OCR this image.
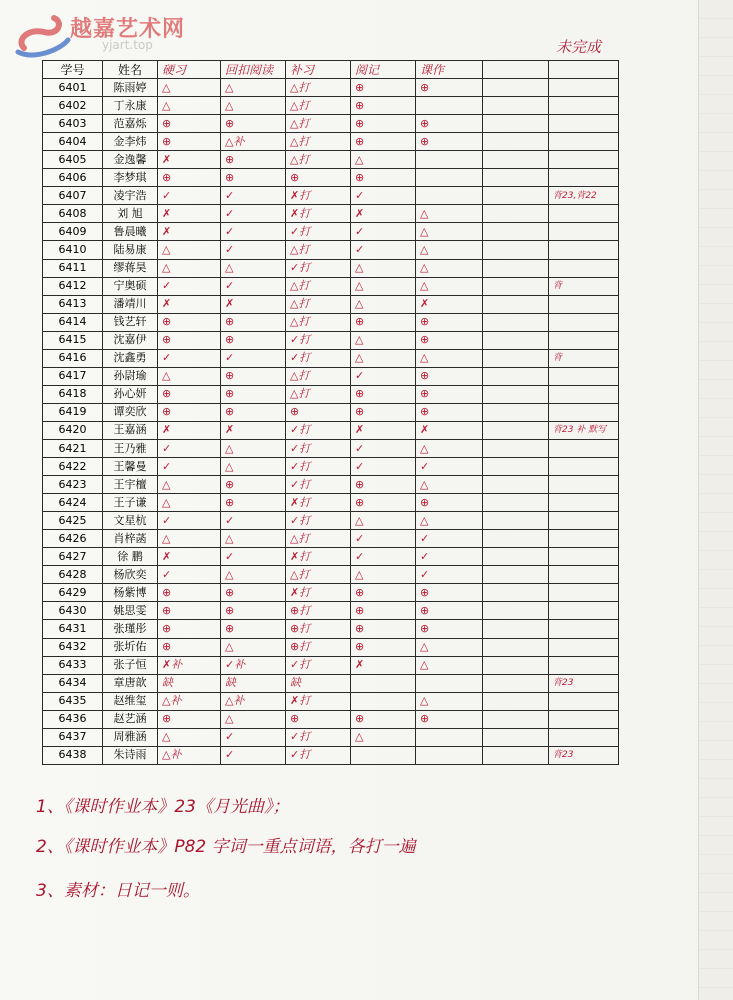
越嘉艺术网
yjart.top	未完成
学号	姓名	硬习	回扣阅读	补习	阅记	课作		
6401	陈雨婷	△	△	△打	⊕	⊕		
6402	丁永康	△	△	△打	⊕			
6403	范嘉烁	⊕	⊕	△打	⊕	⊕		
6404	金李炜	⊕	△补	△打	⊕	⊕		
6405	金逸馨	✗	⊕	△打	△			
6406	李梦琪	⊕	⊕	⊕	⊕			
6407	凌宇浩	✓	✓	✗打	✓			背23,背22
6408	刘 旭	✗	✓	✗打	✗	△		
6409	鲁晨曦	✗	✓	✓打	✓	△		
6410	陆易康	△	✓	△打	✓	△		
6411	缪蒋昊	△	△	✓打	△	△		
6412	宁奥硕	✓	✓	△打	△	△		背
6413	潘靖川	✗	✗	△打	△	✗		
6414	钱艺轩	⊕	⊕	△打	⊕	⊕		
6415	沈嘉伊	⊕	⊕	✓打	△	⊕		
6416	沈鑫勇	✓	✓	✓打	△	△		背
6417	孙尉瑜	△	⊕	△打	✓	⊕		
6418	孙心妍	⊕	⊕	△打	⊕	⊕		
6419	谭奕欣	⊕	⊕	⊕	⊕	⊕		
6420	王嘉涵	✗	✗	✓打	✗	✗		背23 补 默写
6421	王乃雅	✓	△	✓打	✓	△		
6422	王馨曼	✓	△	✓打	✓	✓		
6423	王宇檀	△	⊕	✓打	⊕	△		
6424	王子谦	△	⊕	✗打	⊕	⊕		
6425	文星杭	✓	✓	✓打	△	△		
6426	肖梓菡	△	△	△打	✓	✓		
6427	徐 鹏	✗	✓	✗打	✓	✓		
6428	杨欣奕	✓	△	△打	△	✓		
6429	杨紫博	⊕	⊕	✗打	⊕	⊕		
6430	姚思雯	⊕	⊕	⊕打	⊕	⊕		
6431	张瑾彤	⊕	⊕	⊕打	⊕	⊕		
6432	张圻佑	⊕	△	⊕打	⊕	△		
6433	张子恒	✗补	✓补	✓打	✗	△		
6434	章唐歆	缺	缺	缺				背23
6435	赵维玺	△补	△补	✗打		△		
6436	赵艺涵	⊕	△	⊕	⊕	⊕		
6437	周雅涵	△	✓	✓打	△			
6438	朱诗雨	△补	✓	✓打				背23
1、《课时作业本》23《月光曲》；
2、《课时作业本》P82 字词一重点词语，各打一遍
3、素材：日记一则。
